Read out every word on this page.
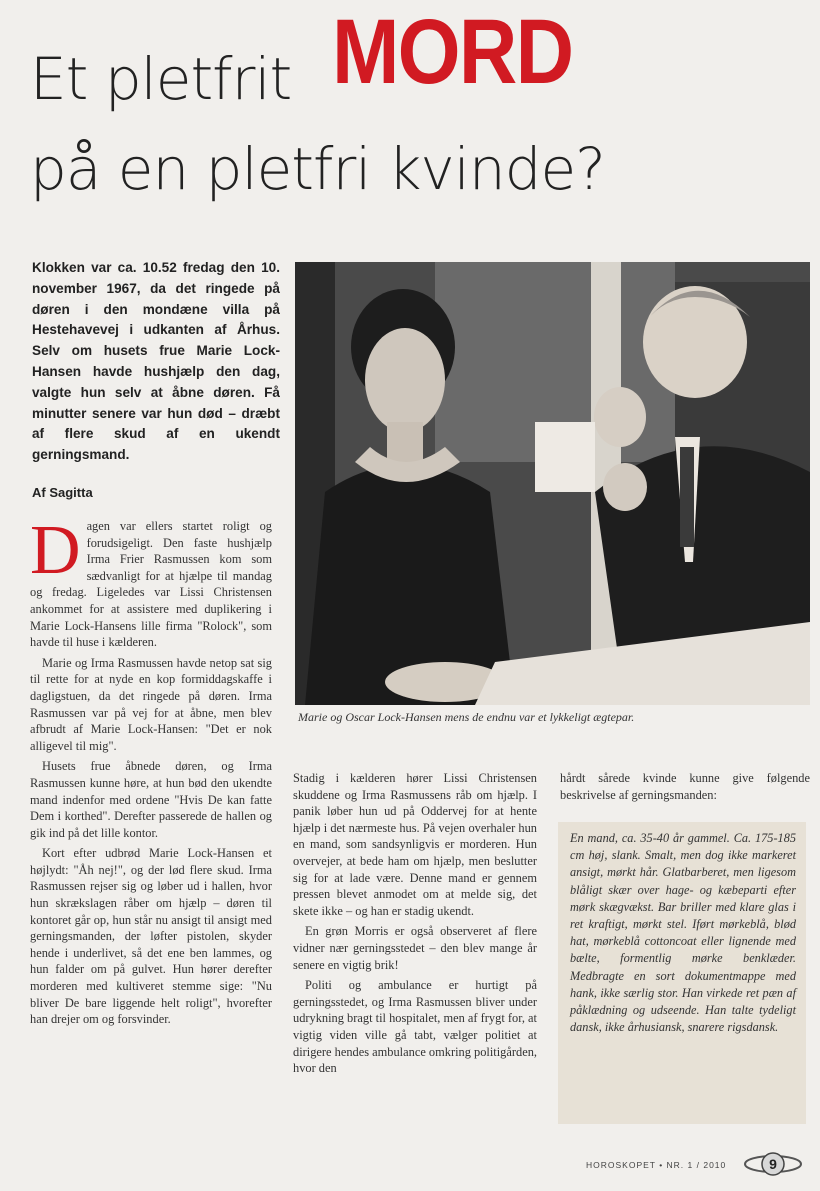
MORD
Et pletfrit
på en pletfri kvinde?
Klokken var ca. 10.52 fredag den 10. november 1967, da det ringede på døren i den mondæne villa på Hestehavevej i udkanten af Århus. Selv om husets frue Marie Lock-Hansen havde hushjælp den dag, valgte hun selv at åbne døren. Få minutter senere var hun død – dræbt af flere skud af en ukendt gerningsmand.
Af Sagitta
Marie og Oscar Lock-Hansen mens de endnu var et lykkeligt ægtepar.

Dagen var ellers startet roligt og forudsigeligt. Den faste hushjælp Irma Frier Rasmussen kom som sædvanligt for at hjælpe til mandag og fredag. Ligeledes var Lissi Christensen ankommet for at assistere med duplikering i Marie Lock-Hansens lille firma "Rolock", som havde til huse i kælderen.

Marie og Irma Rasmussen havde netop sat sig til rette for at nyde en kop formiddagskaffe i dagligstuen, da det ringede på døren. Irma Rasmussen var på vej for at åbne, men blev afbrudt af Marie Lock-Hansen: "Det er nok alligevel til mig".

Husets frue åbnede døren, og Irma Rasmussen kunne høre, at hun bød den ukendte mand indenfor med ordene "Hvis De kan fatte Dem i korthed". Derefter passerede de hallen og gik ind på det lille kontor.

Kort efter udbrød Marie Lock-Hansen et højlydt: "Åh nej!", og der lød flere skud. Irma Rasmussen rejser sig og løber ud i hallen, hvor hun skrækslagen råber om hjælp – døren til kontoret går op, hun står nu ansigt til ansigt med gerningsmanden, der løfter pistolen, skyder hende i underlivet, så det ene ben lammes, og hun falder om på gulvet. Hun hører derefter morderen med kultiveret stemme sige: "Nu bliver De bare liggende helt roligt", hvorefter han drejer om og forsvinder.

Stadig i kælderen hører Lissi Christensen skuddene og Irma Rasmussens råb om hjælp. I panik løber hun ud på Oddervej for at hente hjælp i det nærmeste hus. På vejen overhaler hun en mand, som sandsynligvis er morderen. Hun overvejer, at bede ham om hjælp, men beslutter sig for at lade være. Denne mand er gennem pressen blevet anmodet om at melde sig, det skete ikke – og han er stadig ukendt.

En grøn Morris er også observeret af flere vidner nær gerningsstedet – den blev mange år senere en vigtig brik!

Politi og ambulance er hurtigt på gerningsstedet, og Irma Rasmussen bliver under udrykning bragt til hospitalet, men af frygt for, at vigtig viden ville gå tabt, vælger politiet at dirigere hendes ambulance omkring politigården, hvor den

hårdt sårede kvinde kunne give følgende beskrivelse af gerningsmanden:

En mand, ca. 35-40 år gammel. Ca. 175-185 cm høj, slank. Smalt, men dog ikke markeret ansigt, mørkt hår. Glatbarberet, men ligesom blåligt skær over hage- og kæbeparti efter mørk skægvækst. Bar briller med klare glas i ret kraftigt, mørkt stel. Iført mørkeblå, blød hat, mørkeblå cottoncoat eller lignende med bælte, formentlig mørke benklæder. Medbragte en sort dokumentmappe med hank, ikke særlig stor. Han virkede ret pæn af påklædning og udseende. Han talte tydeligt dansk, ikke århusiansk, snarere rigsdansk.
HOROSKOPET • NR. 1 / 2010	9
